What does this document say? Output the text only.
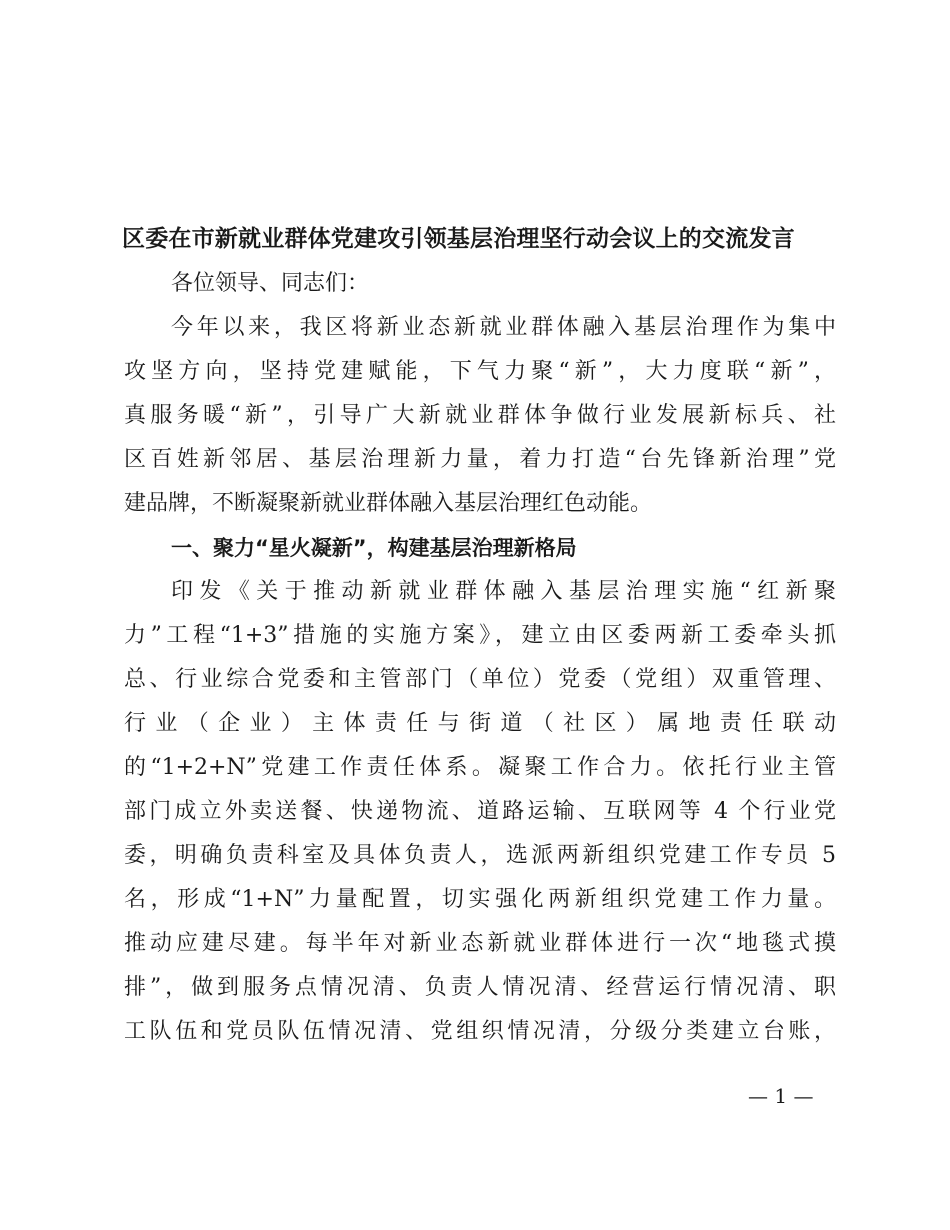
区委在市新就业群体党建攻引领基层治理坚行动会议上的交流发言
各位领导、同志们：
今年以来，我区将新业态新就业群体融入基层治理作为集中
攻坚方向，坚持党建赋能，下气力聚“新”，大力度联“新”，
真服务暖“新”，引导广大新就业群体争做行业发展新标兵、社
区百姓新邻居、基层治理新力量，着力打造“台先锋新治理”党
建品牌，不断凝聚新就业群体融入基层治理红色动能。
一、聚力“星火凝新”，构建基层治理新格局
印发《关于推动新就业群体融入基层治理实施“红新聚
力”工程“1+3”措施的实施方案》，建立由区委两新工委牵头抓
总、行业综合党委和主管部门（单位）党委（党组）双重管理、
行业（企业）主体责任与街道（社区）属地责任联动
的“1+2+N”党建工作责任体系。凝聚工作合力。依托行业主管
部门成立外卖送餐、快递物流、道路运输、互联网等 4 个行业党
委，明确负责科室及具体负责人，选派两新组织党建工作专员 5
名，形成“1+N”力量配置，切实强化两新组织党建工作力量。
推动应建尽建。每半年对新业态新就业群体进行一次“地毯式摸
排”，做到服务点情况清、负责人情况清、经营运行情况清、职
工队伍和党员队伍情况清、党组织情况清，分级分类建立台账，
— 1 —
